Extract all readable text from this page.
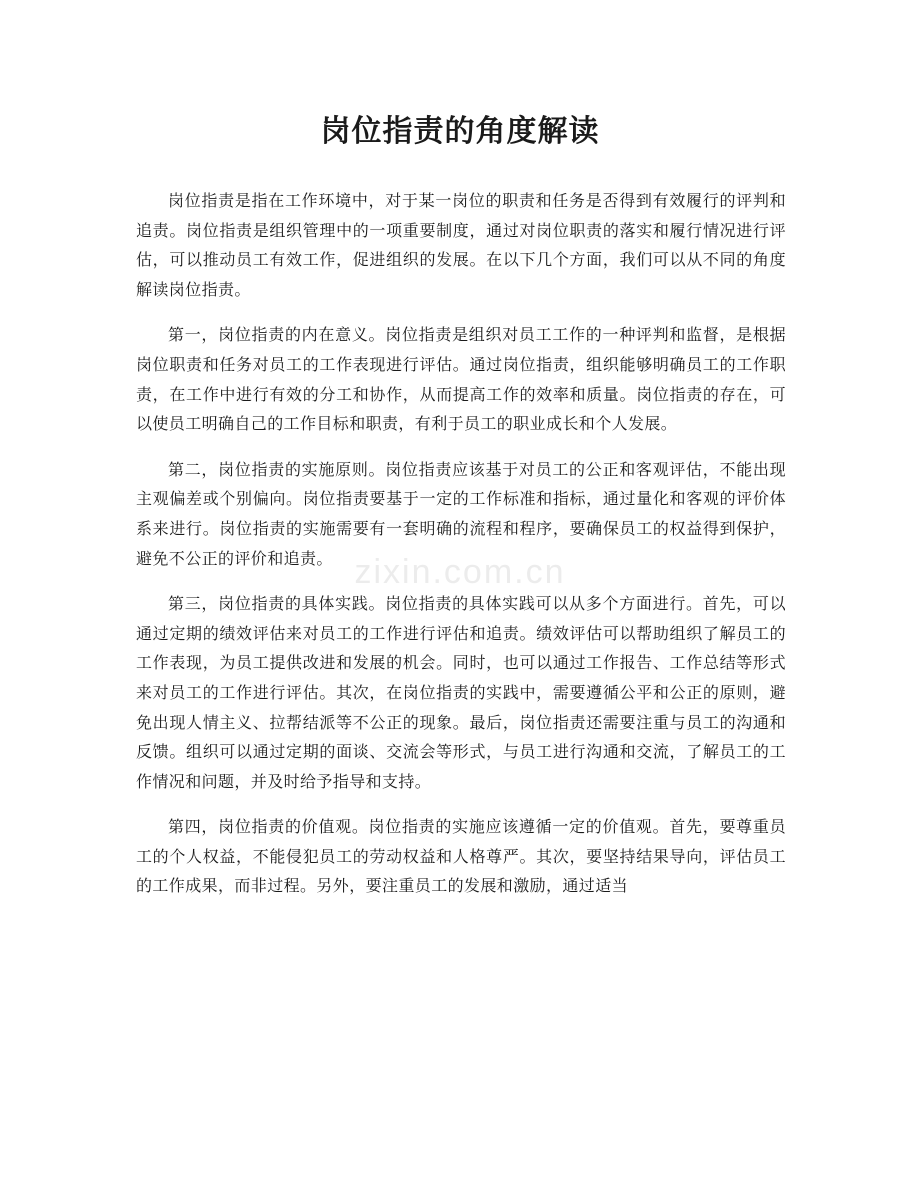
岗位指责的角度解读
zixin.com.cn

岗位指责是指在工作环境中，对于某一岗位的职责和任务是否得到有效履行的评判和追责。岗位指责是组织管理中的一项重要制度，通过对岗位职责的落实和履行情况进行评估，可以推动员工有效工作，促进组织的发展。在以下几个方面，我们可以从不同的角度解读岗位指责。

第一，岗位指责的内在意义。岗位指责是组织对员工工作的一种评判和监督，是根据岗位职责和任务对员工的工作表现进行评估。通过岗位指责，组织能够明确员工的工作职责，在工作中进行有效的分工和协作，从而提高工作的效率和质量。岗位指责的存在，可以使员工明确自己的工作目标和职责，有利于员工的职业成长和个人发展。

第二，岗位指责的实施原则。岗位指责应该基于对员工的公正和客观评估，不能出现主观偏差或个别偏向。岗位指责要基于一定的工作标准和指标，通过量化和客观的评价体系来进行。岗位指责的实施需要有一套明确的流程和程序，要确保员工的权益得到保护，避免不公正的评价和追责。

第三，岗位指责的具体实践。岗位指责的具体实践可以从多个方面进行。首先，可以通过定期的绩效评估来对员工的工作进行评估和追责。绩效评估可以帮助组织了解员工的工作表现，为员工提供改进和发展的机会。同时，也可以通过工作报告、工作总结等形式来对员工的工作进行评估。其次，在岗位指责的实践中，需要遵循公平和公正的原则，避免出现人情主义、拉帮结派等不公正的现象。最后，岗位指责还需要注重与员工的沟通和反馈。组织可以通过定期的面谈、交流会等形式，与员工进行沟通和交流，了解员工的工作情况和问题，并及时给予指导和支持。

第四，岗位指责的价值观。岗位指责的实施应该遵循一定的价值观。首先，要尊重员工的个人权益，不能侵犯员工的劳动权益和人格尊严。其次，要坚持结果导向，评估员工的工作成果，而非过程。另外，要注重员工的发展和激励，通过适当
